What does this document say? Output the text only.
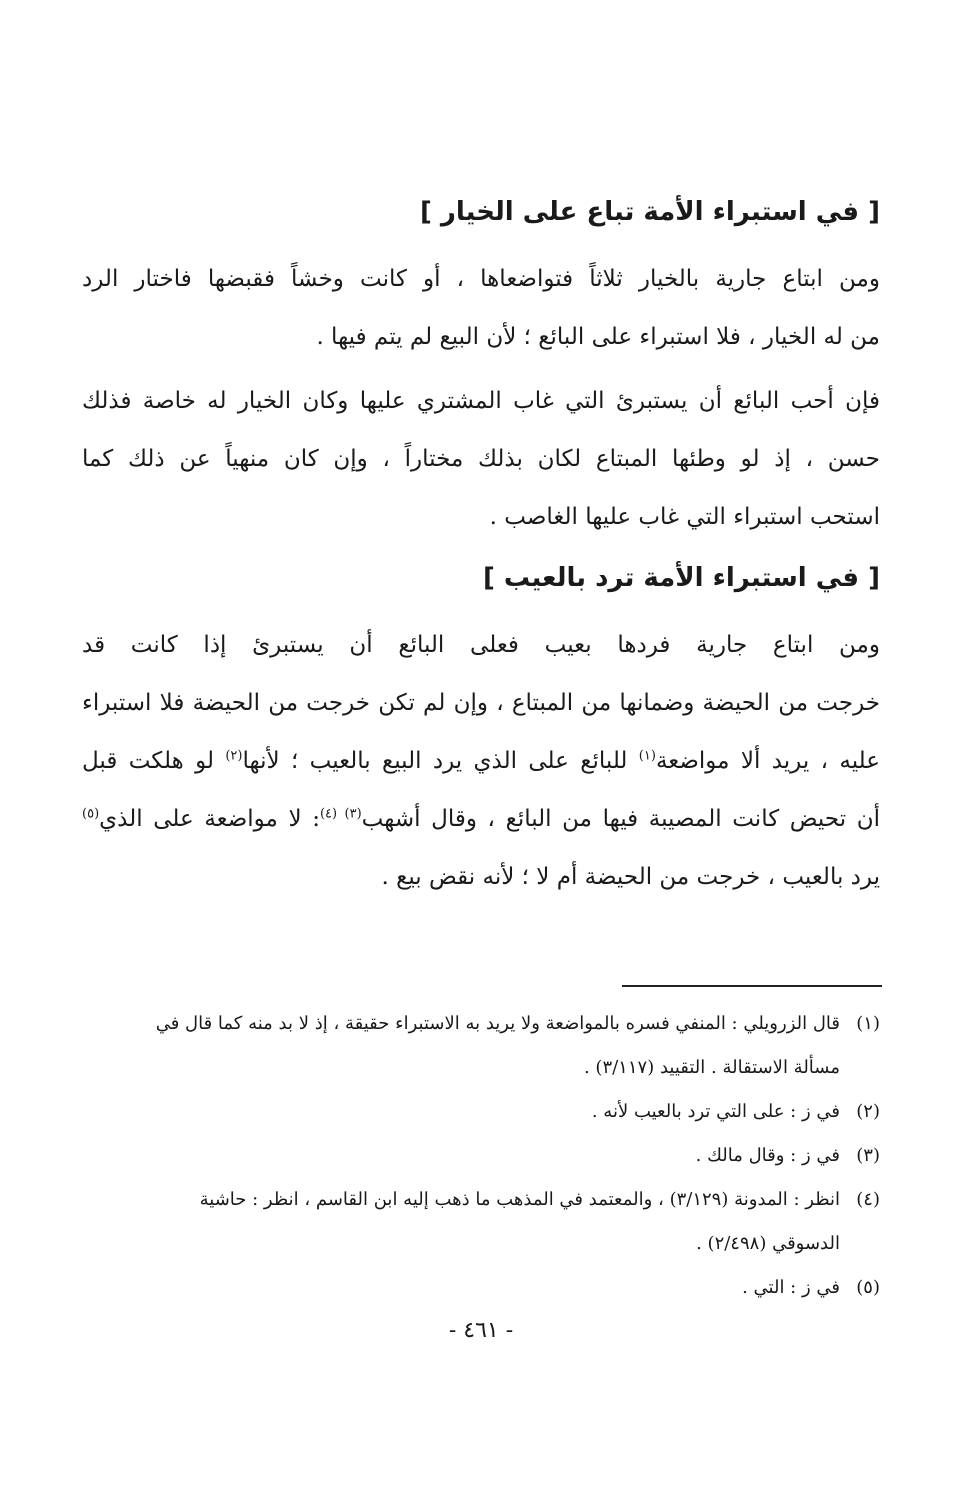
[ في استبراء الأمة تباع على الخيار ]
ومن ابتاع جارية بالخيار ثلاثاً فتواضعاها ، أو كانت وخشاً فقبضها فاختار الرد
من له الخيار ، فلا استبراء على البائع ؛ لأن البيع لم يتم فيها .
فإن أحب البائع أن يستبرئ التي غاب المشتري عليها وكان الخيار له خاصة فذلك
حسن ، إذ لو وطئها المبتاع لكان بذلك مختاراً ، وإن كان منهياً عن ذلك كما
استحب استبراء التي غاب عليها الغاصب .
[ في استبراء الأمة ترد بالعيب ]
ومن ابتاع جارية فردها بعيب فعلى البائع أن يستبرئ إذا كانت قد
خرجت من الحيضة وضمانها من المبتاع ، وإن لم تكن خرجت من الحيضة فلا استبراء
عليه ، يريد ألا مواضعة$^{(١)}$ للبائع على الذي يرد البيع بالعيب ؛ لأنها$^{(٢)}$ لو هلكت قبل
أن تحيض كانت المصيبة فيها من البائع ، وقال أشهب$^{(٣) (٤)}$: لا مواضعة على الذي$^{(٥)}$
يرد بالعيب ، خرجت من الحيضة أم لا ؛ لأنه نقض بيع .
(١)قال الزرويلي : المنفي فسره بالمواضعة ولا يريد به الاستبراء حقيقة ، إذ لا بد منه كما قال في
مسألة الاستقالة . التقييد (٣/١١٧) .
(٢)في ز : على التي ترد بالعيب لأنه .
(٣)في ز : وقال مالك .
(٤)انظر : المدونة (٣/١٢٩) ، والمعتمد في المذهب ما ذهب إليه ابن القاسم ، انظر : حاشية
الدسوقي (٢/٤٩٨) .
(٥)في ز : التي .
- ٤٦١ -
